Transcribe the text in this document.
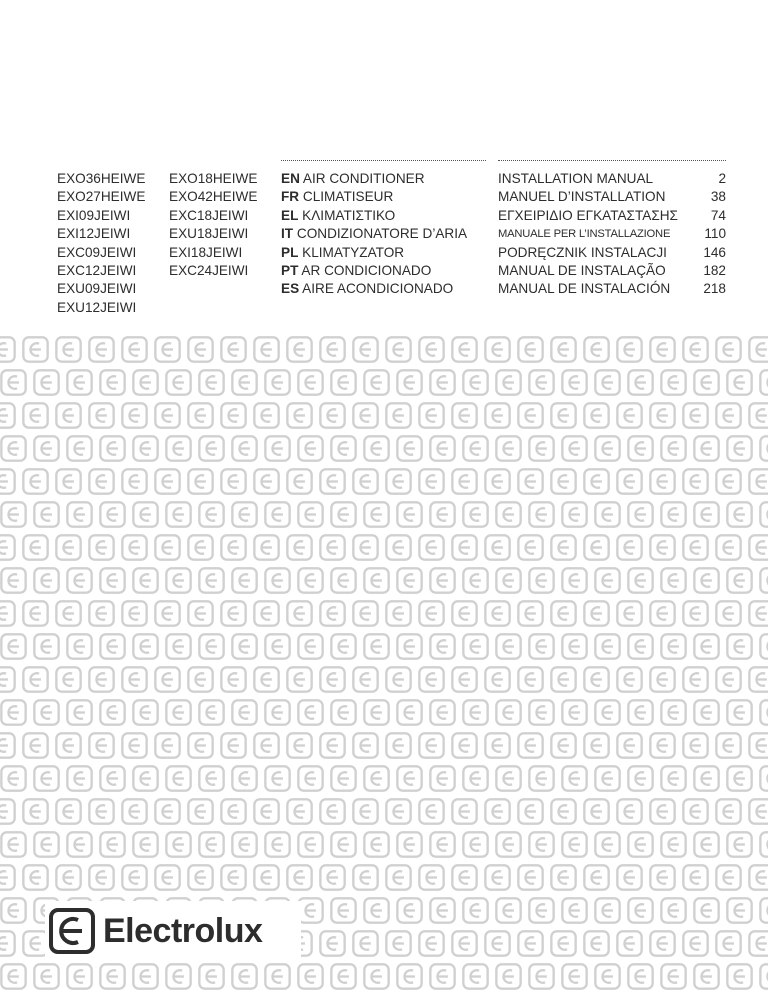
EXO36HEIWE
EXO27HEIWE
EXI09JEIWI
EXI12JEIWI
EXC09JEIWI
EXC12JEIWI
EXU09JEIWI
EXU12JEIWI
EXO18HEIWE
EXO42HEIWE
EXC18JEIWI
EXU18JEIWI
EXI18JEIWI
EXC24JEIWI
EN AIR CONDITIONER
FR CLIMATISEUR
EL ΚΛΙΜΑΤΙΣΤΙΚΟ
IT CONDIZIONATORE D’ARIA
PL KLIMATYZATOR
PT AR CONDICIONADO
ES AIRE ACONDICIONADO
INSTALLATION MANUAL	2
MANUEL D’INSTALLATION	38
ΕΓΧΕΙΡΙΔΙΟ ΕΓΚΑΤΑΣΤΑΣΗΣ 74
MANUALE PER L’INSTALLAZIONE	110
PODRĘCZNIK INSTALACJI	146
MANUAL DE INSTALAÇÃO	182
MANUAL DE INSTALACIÓN 218
Electrolux
